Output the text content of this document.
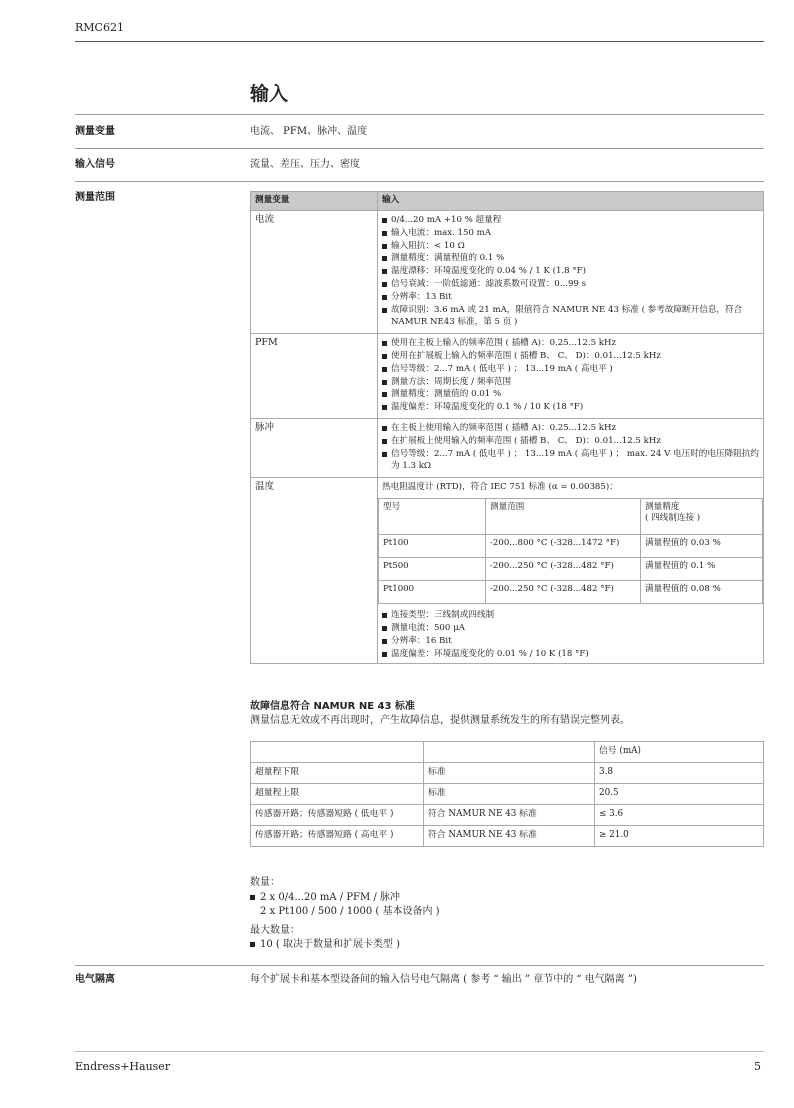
RMC621
输入
测量变量	电流、 PFM、脉冲、温度
输入信号	流量、差压、压力、密度
测量范围	测量变量	输入
电流	0/4...20 mA +10 % 超量程
输入电流：max. 150 mA
输入阻抗：< 10 Ω
测量精度：满量程值的 0.1 %
温度漂移：环境温度变化的 0.04 % / 1 K (1.8 °F)
信号衰减：一阶低滤通：滤波系数可设置：0...99 s
分辨率：13 Bit
故障识别：3.6 mA 或 21 mA，限值符合 NAMUR NE 43 标准 ( 参考故障断开信息，符合 NAMUR NE43 标准，第 5 页 )

PFM	使用在主板上输入的频率范围 ( 插槽 A)：0.25...12.5 kHz
使用在扩展板上输入的频率范围 ( 插槽 B、 C、 D)：0.01...12.5 kHz
信号等级：2...7 mA ( 低电平 ) ； 13...19 mA ( 高电平 )
测量方法：周期长度 / 频率范围
测量精度：测量值的 0.01 %
温度偏差：环境温度变化的 0.1 % / 10 K (18 °F)

脉冲	在主板上使用输入的频率范围 ( 插槽 A)：0.25...12.5 kHz
在扩展板上使用输入的频率范围 ( 插槽 B、 C、 D)：0.01...12.5 kHz
信号等级：2...7 mA ( 低电平 ) ； 13...19 mA ( 高电平 ) ； max. 24 V 电压时的电压降阻抗约为 1.3 kΩ

温度	热电阻温度计 (RTD)，符合 IEC 751 标准 (α = 0.00385)：
型号	测量范围	测量精度
( 四线制连接 )
Pt100	-200...800 °C (-328...1472 °F)	满量程值的 0.03 %
Pt500	-200...250 °C (-328...482 °F)	满量程值的 0.1 %
Pt1000	-200...250 °C (-328...482 °F)	满量程值的 0.08 %
连接类型：三线制或四线制
测量电流：500 μA
分辨率：16 Bit
温度偏差：环境温度变化的 0.01 % / 10 K (18 °F)
故障信息符合 NAMUR NE 43 标准
测量信息无效或不再出现时，产生故障信息，提供测量系统发生的所有错误完整列表。
		信号 (mA)
超量程下限	标准	3.8
超量程上限	标准	20.5
传感器开路；传感器短路 ( 低电平 )	符合 NAMUR NE 43 标准	≤ 3.6
传感器开路；传感器短路 ( 高电平 )	符合 NAMUR NE 43 标准	≥ 21.0
数量：
2 x 0/4...20 mA / PFM / 脉冲
2 x Pt100 / 500 / 1000 ( 基本设备内 )
最大数量：
10 ( 取决于数量和扩展卡类型 )
电气隔离	每个扩展卡和基本型设备间的输入信号电气隔离 ( 参考 “ 输出 ” 章节中的 “ 电气隔离 ”)
Endress+Hauser	5
